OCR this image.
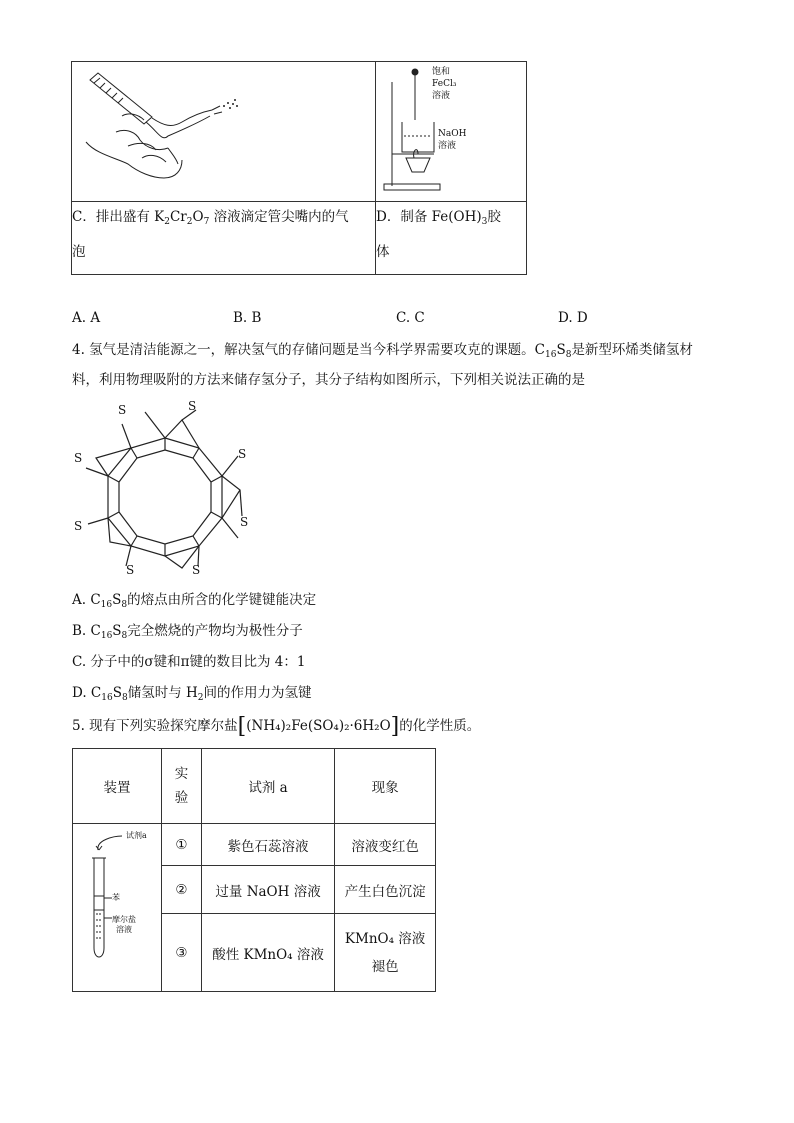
饱和
FeCl₃
溶液
NaOH
溶液

C．排出盛有 $K_2Cr_2O_7$ 溶液滴定管尖嘴内的气
泡	D．制备 $Fe(OH)_3$胶
体
A. A	B. B	C. C	D. D
4. 氢气是清洁能源之一，解决氢气的存储问题是当今科学界需要攻克的课题。$C_{16}S_8$是新型环烯类储氢材
料，利用物理吸附的方法来储存氢分子，其分子结构如图所示，下列相关说法正确的是
S	S
S	S
S	S
S	S
A. $C_{16}S_8$的熔点由所含的化学键键能决定
B. $C_{16}S_8$完全燃烧的产物均为极性分子
C. 分子中的σ键和π键的数目比为 4：1
D. $C_{16}S_8$储氢时与 $H_2$间的作用力为氢键
5. 现有下列实验探究摩尔盐[(NH₄)₂Fe(SO₄)₂·6H₂O]的化学性质。
装置	实
验	试剂 a	现象

试剂a
苯
摩尔盐
溶液	①	紫色石蕊溶液	溶液变红色
	②	过量 NaOH 溶液	产生白色沉淀
	③	酸性 KMnO₄ 溶液	KMnO₄ 溶液
褪色
